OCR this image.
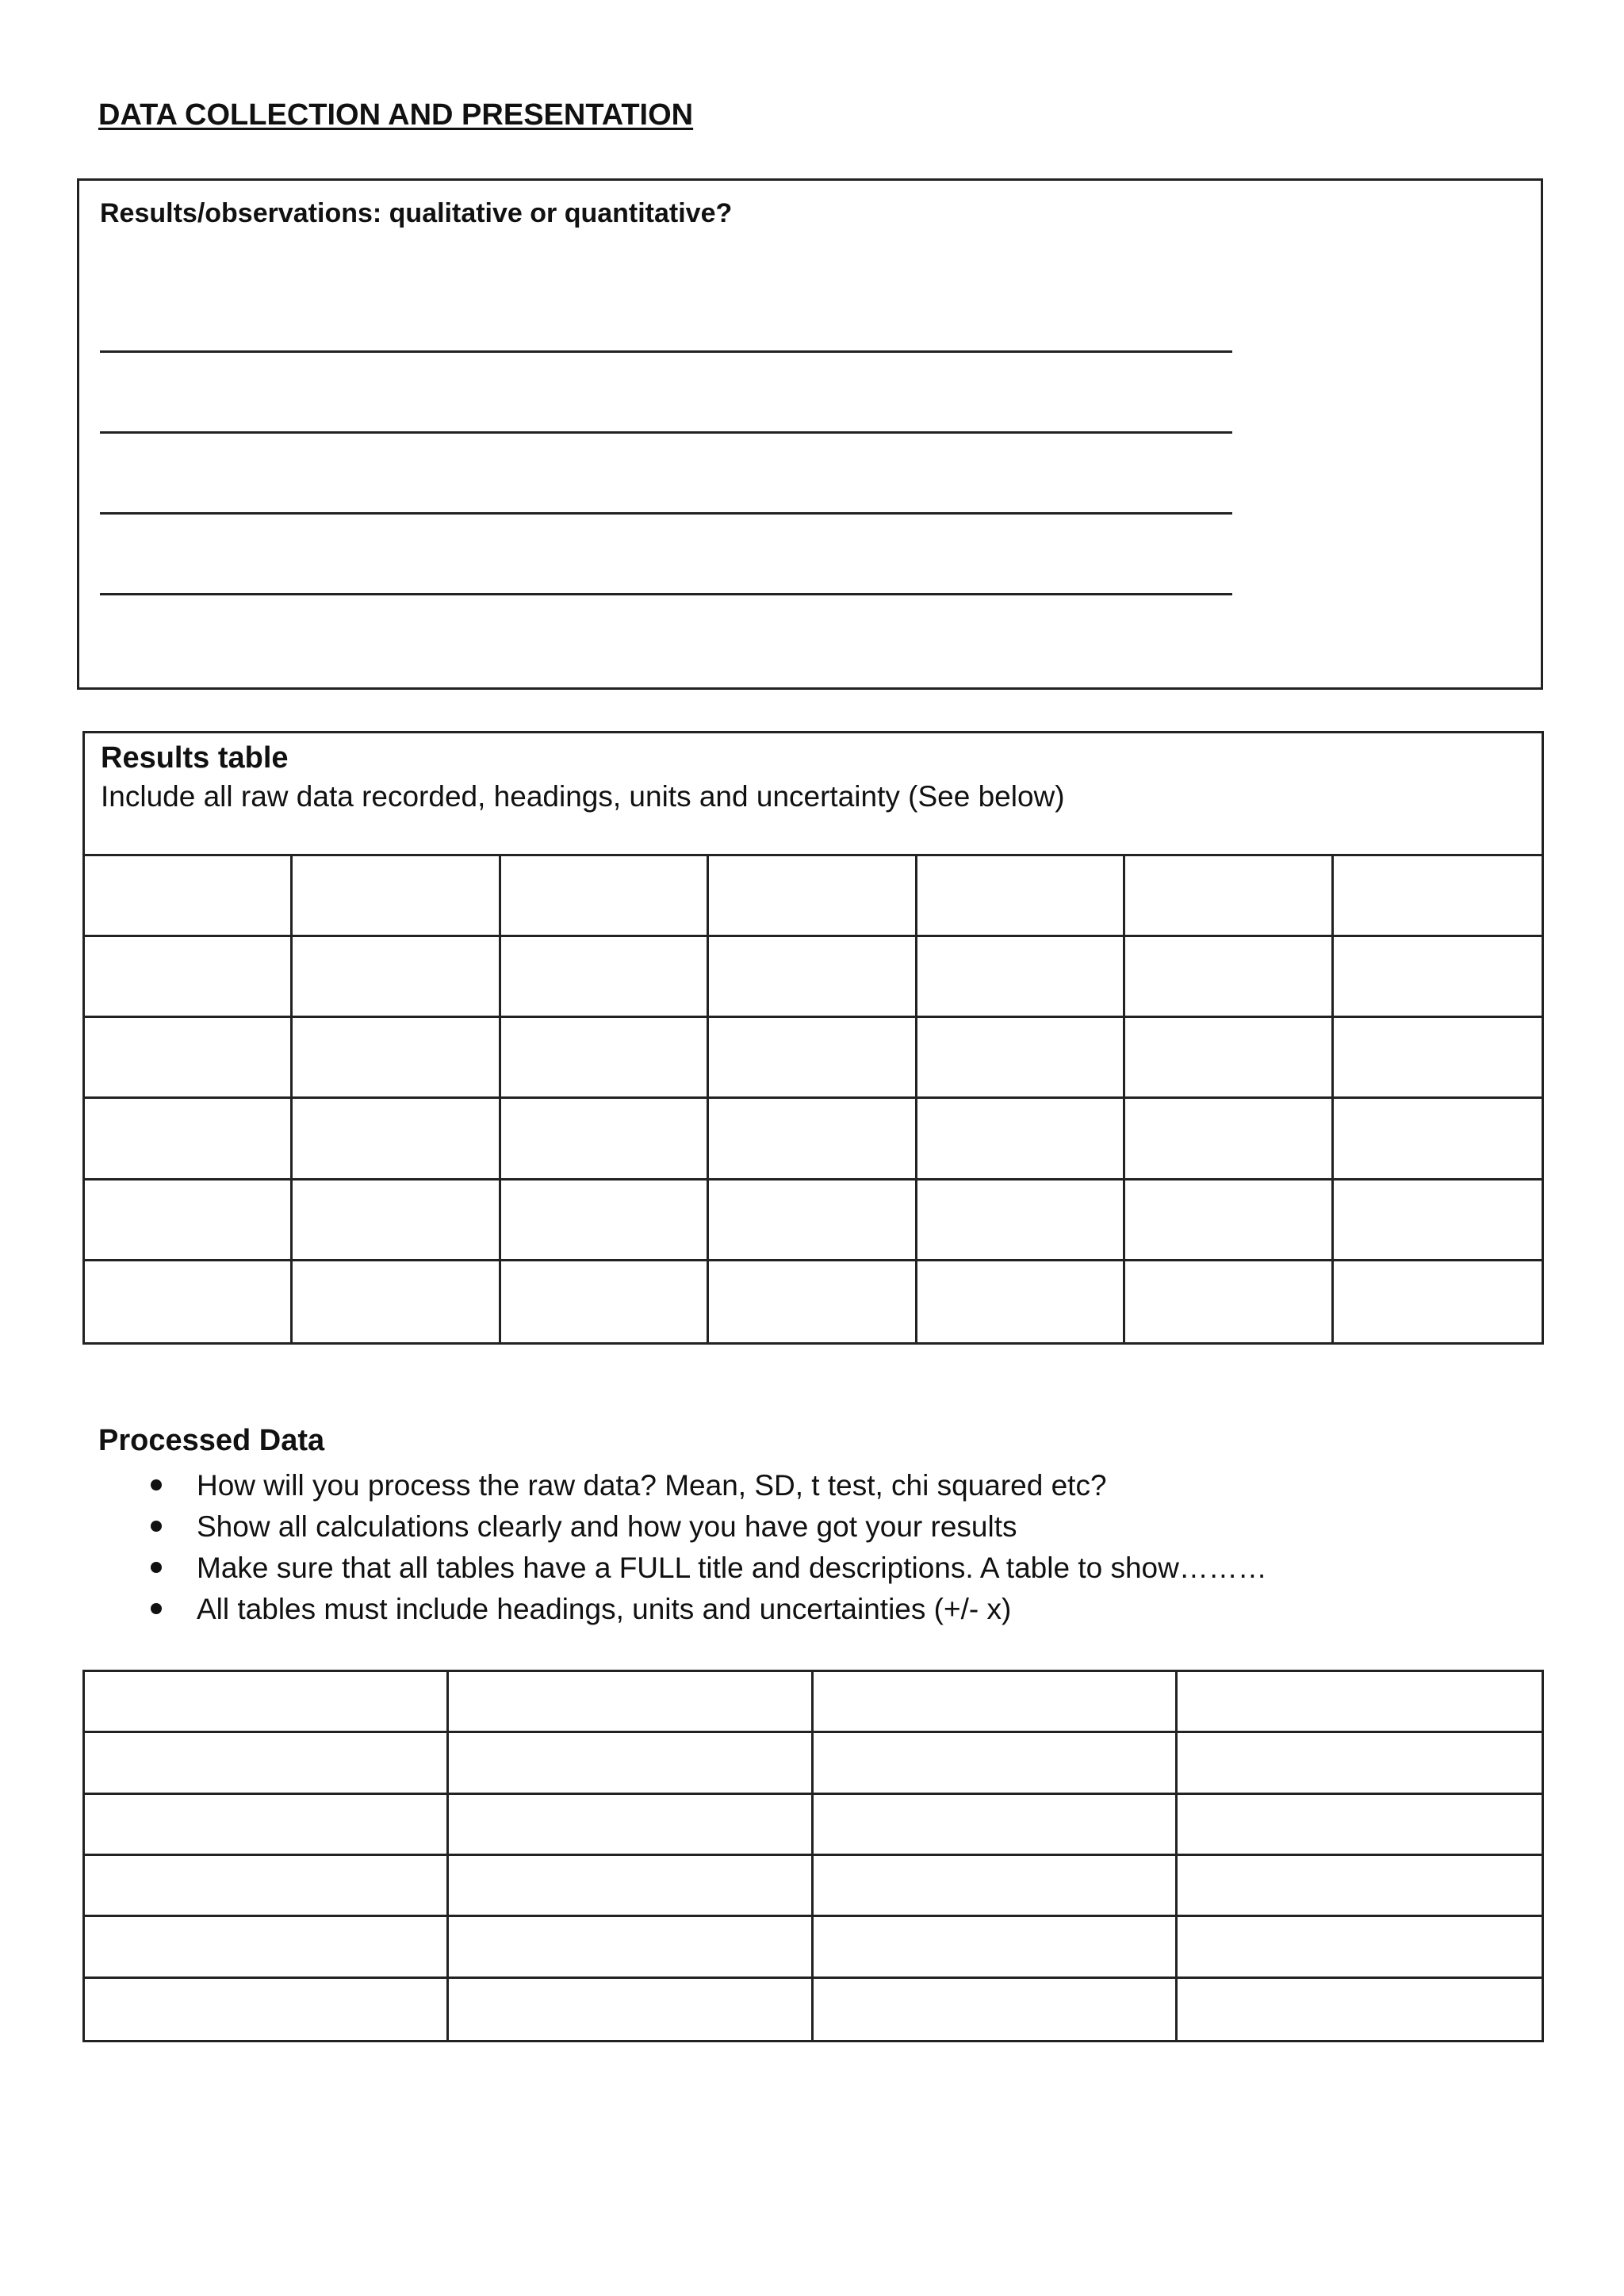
DATA COLLECTION AND PRESENTATION
Results/observations: qualitative or quantitative?
Results table
Include all raw data recorded, headings, units and uncertainty (See below)
Processed Data
How will you process the raw data? Mean, SD, t test, chi squared etc?
Show all calculations clearly and how you have got your results
Make sure that all tables have a FULL title and descriptions. A table to show………
All tables must include headings, units and uncertainties (+/- x)
